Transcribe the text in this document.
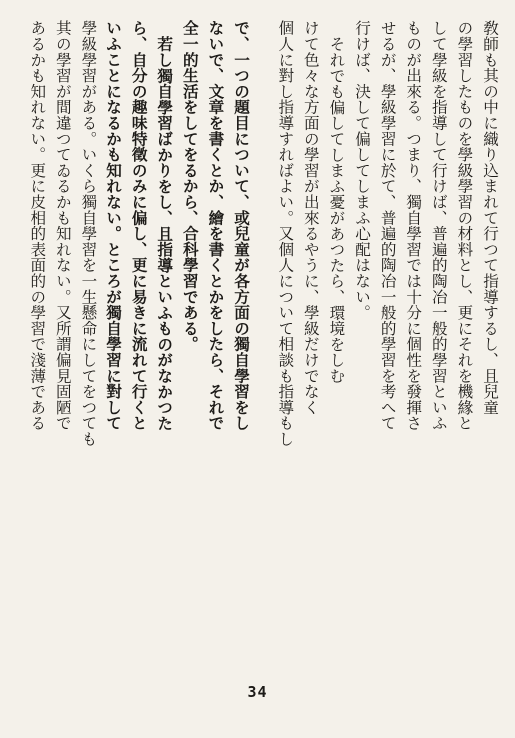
敎師も其の中に織り込まれて行つて指導するし、且兒童
の學習したものを學級學習の材料とし、更にそれを機緣と
して學級を指導して行けば、普遍的陶冶一般的學習といふ
ものが出來る。つまり、獨自學習では十分に個性を發揮さ
せるが、學級學習に於て、普遍的陶冶一般的學習を考へて
行けば、決して偏してしまふ心配はない。
それでも偏してしまふ憂があつたら、環境をしむ
けて色々な方面の學習が出來るやうに、學級だけでなく
個人に對し指導すればよい。又個人について相談も指導もし

で、一つの題目について、或兒童が各方面の獨自學習をし
ないで、文章を書くとか、繪を書くとかをしたら、それで
全一的生活をしてをるから、合科學習である。
若し獨自學習ばかりをし、且指導といふものがなかつた
ら、自分の趣味特徵のみに偏し、更に易きに流れて行くと
いふことになるかも知れない。ところが獨自學習に對して
學級學習がある。いくら獨自學習を一生懸命にしてをつても
其の學習が間違つてゐるかも知れない。又所謂偏見固陋で
あるかも知れない。更に皮相的表面的の學習で淺薄である
34
